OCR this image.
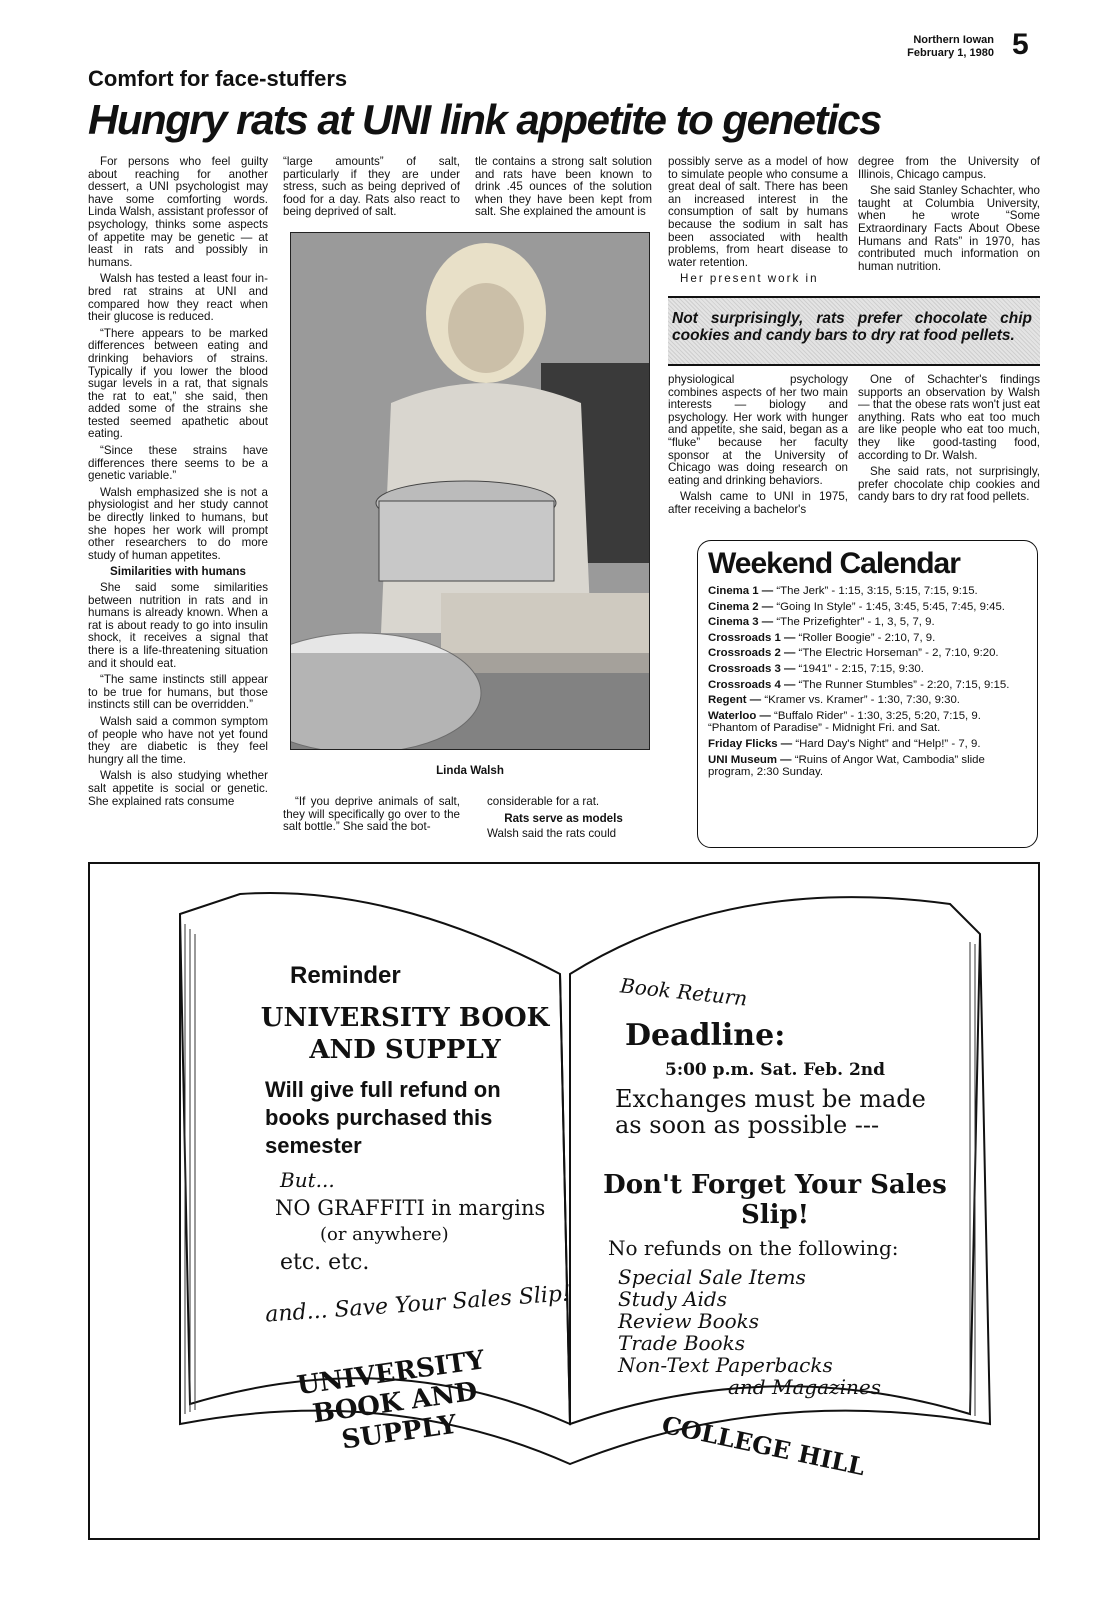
Northern Iowan
February 1, 1980 5
Comfort for face-stuffers
Hungry rats at UNI link appetite to genetics

For persons who feel guilty about reaching for another dessert, a UNI psychologist may have some comforting words. Linda Walsh, assistant professor of psychology, thinks some aspects of appetite may be genetic — at least in rats and possibly in humans.

Walsh has tested a least four in-bred rat strains at UNI and compared how they react when their glucose is reduced.

“There appears to be marked differences between eating and drinking behaviors of strains. Typically if you lower the blood sugar levels in a rat, that signals the rat to eat,” she said, then added some of the strains she tested seemed apathetic about eating.

“Since these strains have differences there seems to be a genetic variable.”

Walsh emphasized she is not a physiologist and her study cannot be directly linked to humans, but she hopes her work will prompt other researchers to do more study of human appetites.

Similarities with humans

She said some similarities between nutrition in rats and in humans is already known. When a rat is about ready to go into insulin shock, it receives a signal that there is a life-threatening situation and it should eat.

“The same instincts still appear to be true for humans, but those instincts still can be overridden.”

Walsh said a common symptom of people who have not yet found they are diabetic is they feel hungry all the time.

Walsh is also studying whether salt appetite is social or genetic. She explained rats consume

“large amounts” of salt, particularly if they are under stress, such as being deprived of food for a day. Rats also react to being deprived of salt.

tle contains a strong salt solution and rats have been known to drink .45 ounces of the solution when they have been kept from salt. She explained the amount is

Linda Walsh

“If you deprive animals of salt, they will specifically go over to the salt bottle.” She said the bot-

considerable for a rat.

Rats serve as models

Walsh said the rats could

possibly serve as a model of how to simulate people who consume a great deal of salt. There has been an increased interest in the consumption of salt by humans because the sodium in salt has been associated with health problems, from heart disease to water retention.

Her present work in

degree from the University of Illinois, Chicago campus.

She said Stanley Schachter, who taught at Columbia University, when he wrote “Some Extraordinary Facts About Obese Humans and Rats” in 1970, has contributed much information on human nutrition.

Not surprisingly, rats prefer chocolate chip cookies and candy bars to dry rat food pellets.

physiological psychology combines aspects of her two main interests — biology and psychology. Her work with hunger and appetite, she said, began as a “fluke” because her faculty sponsor at the University of Chicago was doing research on eating and drinking behaviors.

Walsh came to UNI in 1975, after receiving a bachelor's

One of Schachter's findings supports an observation by Walsh — that the obese rats won't just eat anything. Rats who eat too much are like people who eat too much, they like good-tasting food, according to Dr. Walsh.

She said rats, not surprisingly, prefer chocolate chip cookies and candy bars to dry rat food pellets.

Weekend Calendar
Cinema 1 — “The Jerk” - 1:15, 3:15, 5:15, 7:15, 9:15.
Cinema 2 — “Going In Style” - 1:45, 3:45, 5:45, 7:45, 9:45.
Cinema 3 — “The Prizefighter” - 1, 3, 5, 7, 9.
Crossroads 1 — “Roller Boogie” - 2:10, 7, 9.
Crossroads 2 — “The Electric Horseman” - 2, 7:10, 9:20.
Crossroads 3 — “1941” - 2:15, 7:15, 9:30.
Crossroads 4 — “The Runner Stumbles” - 2:20, 7:15, 9:15.
Regent — “Kramer vs. Kramer” - 1:30, 7:30, 9:30.
Waterloo — “Buffalo Rider” - 1:30, 3:25, 5:20, 7:15, 9. “Phantom of Paradise” - Midnight Fri. and Sat.
Friday Flicks — “Hard Day's Night” and “Help!” - 7, 9.
UNI Museum — “Ruins of Angor Wat, Cambodia” slide program, 2:30 Sunday.
Reminder
UNIVERSITY BOOK AND SUPPLY
Will give full refund on books purchased this semester
But...
NO GRAFFITI in margins
(or anywhere)
etc. etc.
and... Save Your Sales Slip!
UNIVERSITY BOOK AND SUPPLY
Book Return
Deadline:
5:00 p.m. Sat. Feb. 2nd
Exchanges must be made as soon as possible ---
Don't Forget Your Sales Slip!
No refunds on the following:
Special Sale Items
Study Aids
Review Books
Trade Books
Non-Text Paperbacks
and Magazines
COLLEGE HILL
